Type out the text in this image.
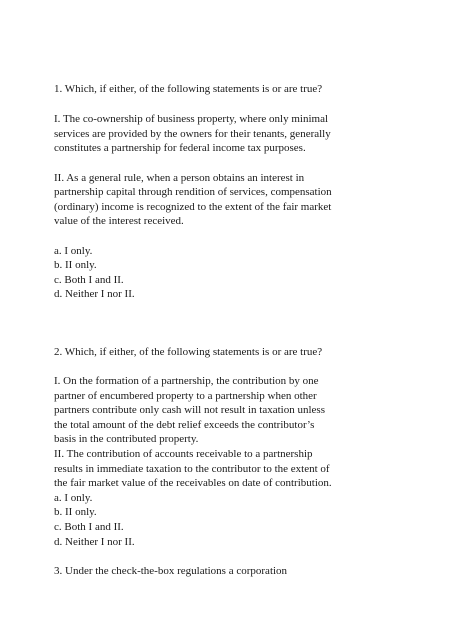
1. Which, if either, of the following statements is or are true?
I. The co-ownership of business property, where only minimal
services are provided by the owners for their tenants, generally
constitutes a partnership for federal income tax purposes.
II. As a general rule, when a person obtains an interest in
partnership capital through rendition of services, compensation
(ordinary) income is recognized to the extent of the fair market
value of the interest received.
a. I only.
b. II only.
c. Both I and II.
d. Neither I nor II.
2. Which, if either, of the following statements is or are true?
I. On the formation of a partnership, the contribution by one
partner of encumbered property to a partnership when other
partners contribute only cash will not result in taxation unless
the total amount of the debt relief exceeds the contributor’s
basis in the contributed property.
II. The contribution of accounts receivable to a partnership
results in immediate taxation to the contributor to the extent of
the fair market value of the receivables on date of contribution.
a. I only.
b. II only.
c. Both I and II.
d. Neither I nor II.
3. Under the check-the-box regulations a corporation
